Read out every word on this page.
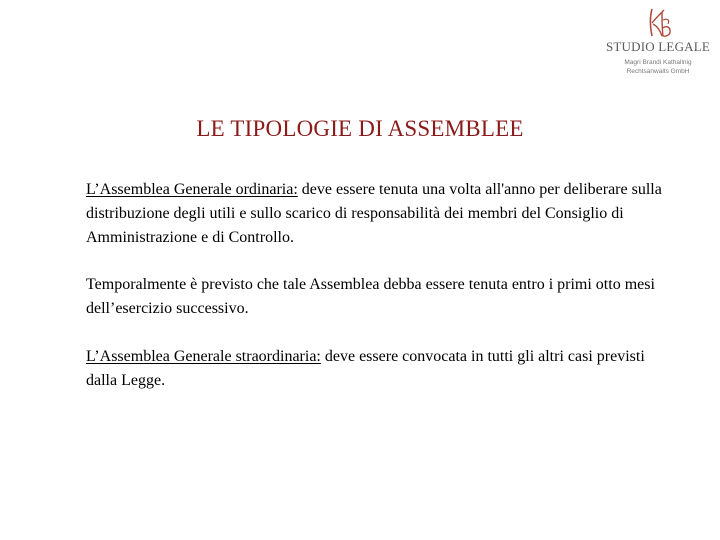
STUDIO LEGALE
Magri Brandi Kathallnig
Rechtsanwalts GmbH
LE TIPOLOGIE DI ASSEMBLEE
L’Assemblea Generale ordinaria: deve essere tenuta una volta all'anno per deliberare sulla distribuzione degli utili e sullo scarico di responsabilità dei membri del Consiglio di Amministrazione e di Controllo.
Temporalmente è previsto che tale Assemblea debba essere tenuta entro i primi otto mesi dell’esercizio successivo.
L’Assemblea Generale straordinaria: deve essere convocata in tutti gli altri casi previsti dalla Legge.
